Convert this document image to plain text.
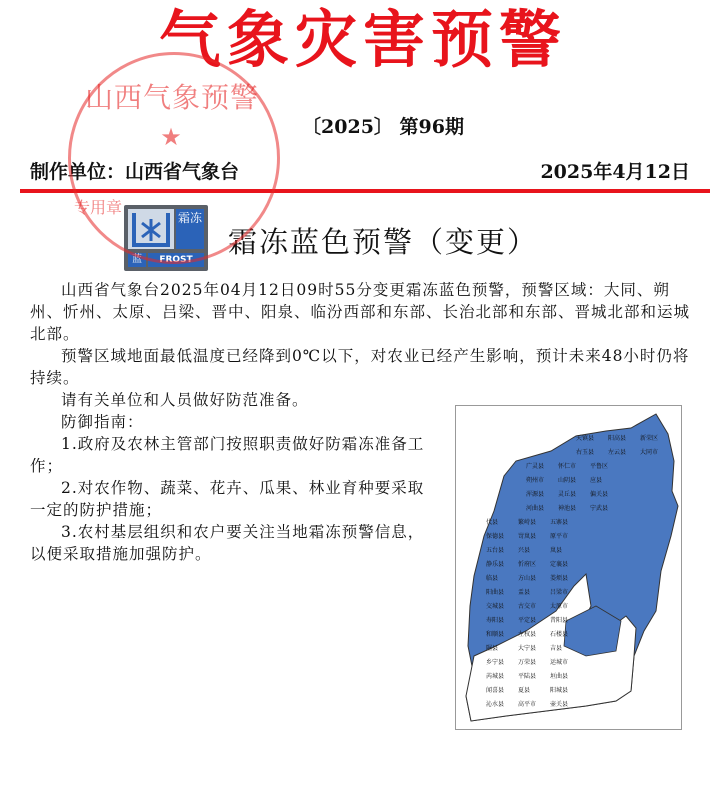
气象灾害预警
〔2025〕 第96期
制作单位：山西省气象台	2025年4月12日
霜冻
蓝	FROST
霜冻蓝色预警（变更）

山西省气象台2025年04月12日09时55分变更霜冻蓝色预警，预警区域：大同、朔州、忻州、太原、吕梁、晋中、阳泉、临汾西部和东部、长治北部和东部、晋城北部和运城北部。

预警区域地面最低温度已经降到0℃以下，对农业已经产生影响，预计未来48小时仍将持续。

请有关单位和人员做好防范准备。

防御指南：

1.政府及农林主管部门按照职责做好防霜冻准备工作；

2.对农作物、蔬菜、花卉、瓜果、林业育种要采取一定的防护措施；

3.农村基层组织和农户要关注当地霜冻预警信息，以便采取措施加强防护。

天镇县 阳高县 新荣区
右玉县 左云县 大同市
广灵县 怀仁市 平鲁区
朔州市 山阴县 应县
浑源县 灵丘县 偏关县
河曲县 神池县 宁武县
代县	繁峙县 五寨县
保德县 岢岚县 原平市
五台县 兴县	岚县
静乐县 忻府区 定襄县
临县	方山县 娄烦县
阳曲县 盂县	吕梁市
交城县 古交市 太原市
寿阳县 平定县 昔阳县
和顺县 左权县 石楼县
隰县	大宁县 吉县
乡宁县 万荣县 运城市
芮城县 平陆县 垣曲县
闻喜县 夏县	阳城县
沁水县 高平市 壶关县
山西气象预警
★
专用章
